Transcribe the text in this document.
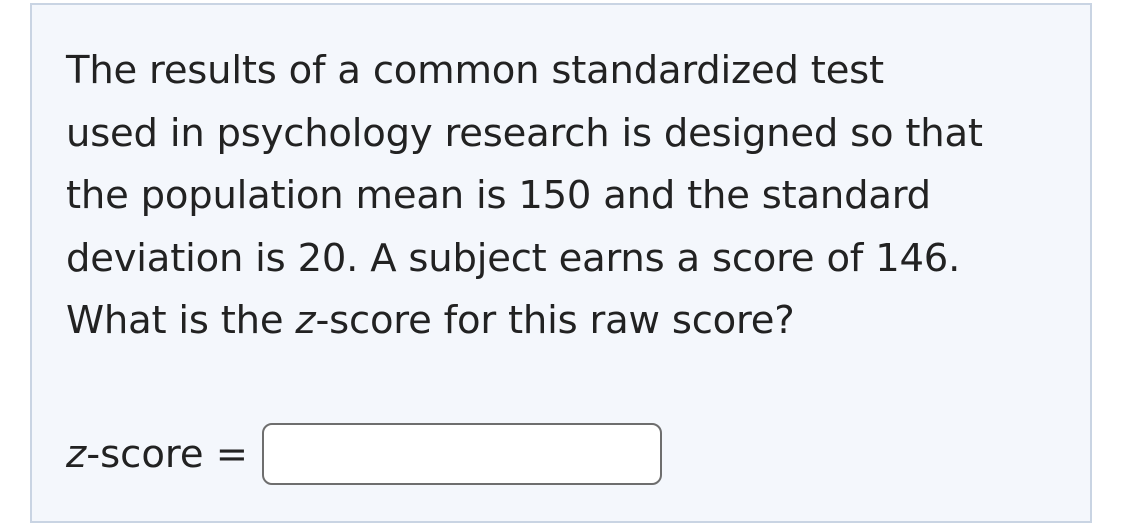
The results of a common standardized test
used in psychology research is designed so that
the population mean is 150 and the standard
deviation is 20. A subject earns a score of 146.
What is the z-score for this raw score?
z-score =
